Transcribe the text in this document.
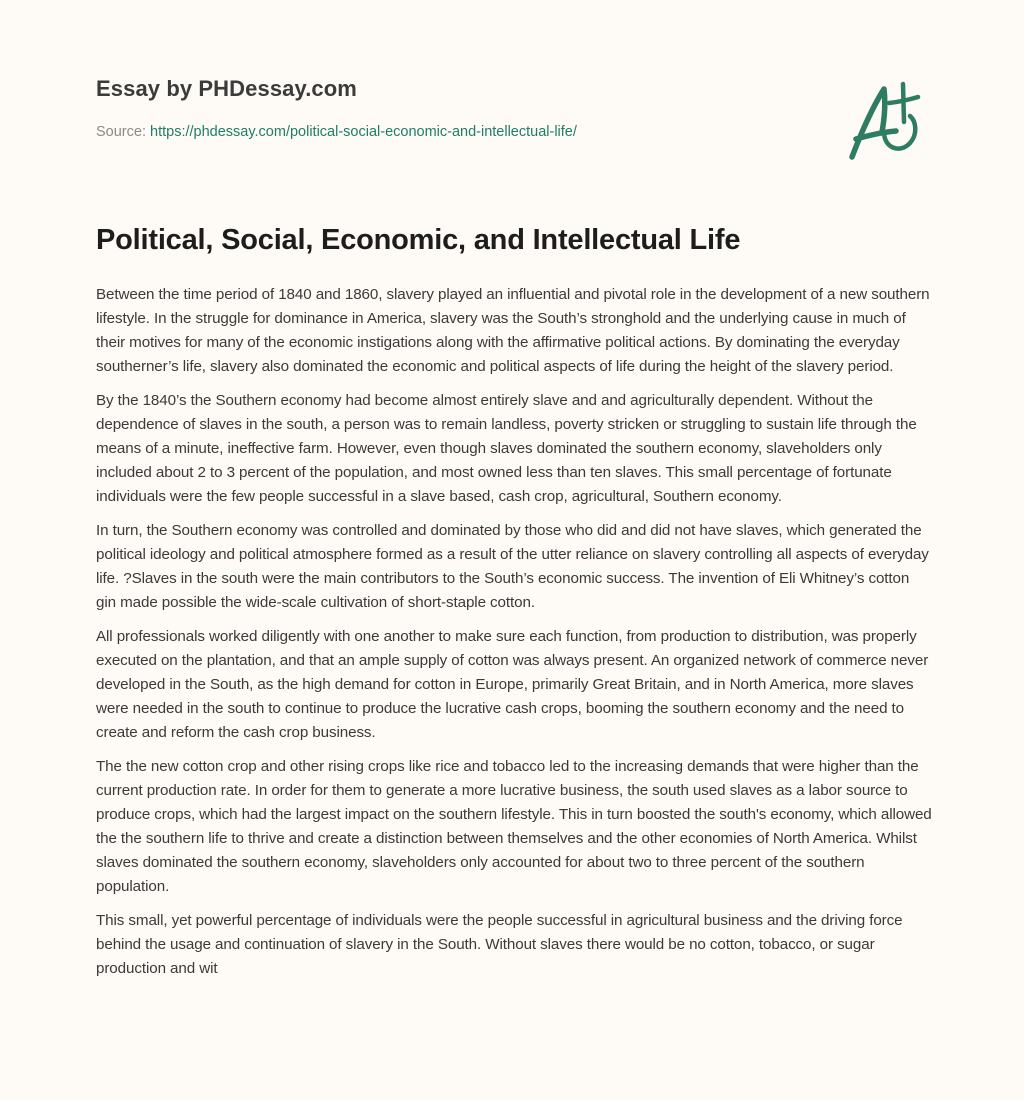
Essay by PHDessay.com
Source: https://phdessay.com/political-social-economic-and-intellectual-life/
Political, Social, Economic, and Intellectual Life

Between the time period of 1840 and 1860, slavery played an influential and pivotal role in the development of a new southern lifestyle. In the struggle for dominance in America, slavery was the South’s stronghold and the underlying cause in much of their motives for many of the economic instigations along with the affirmative political actions. By dominating the everyday southerner’s life, slavery also dominated the economic and political aspects of life during the height of the slavery period.

By the 1840’s the Southern economy had become almost entirely slave and and agriculturally dependent. Without the dependence of slaves in the south, a person was to remain landless, poverty stricken or struggling to sustain life through the means of a minute, ineffective farm. However, even though slaves dominated the southern economy, slaveholders only included about 2 to 3 percent of the population, and most owned less than ten slaves. This small percentage of fortunate individuals were the few people successful in a slave based, cash crop, agricultural, Southern economy.

In turn, the Southern economy was controlled and dominated by those who did and did not have slaves, which generated the political ideology and political atmosphere formed as a result of the utter reliance on slavery controlling all aspects of everyday life. ?Slaves in the south were the main contributors to the South’s economic success. The invention of Eli Whitney’s cotton gin made possible the wide-scale cultivation of short-staple cotton.

All professionals worked diligently with one another to make sure each function, from production to distribution, was properly executed on the plantation, and that an ample supply of cotton was always present. An organized network of commerce never developed in the South, as the high demand for cotton in Europe, primarily Great Britain, and in North America, more slaves were needed in the south to continue to produce the lucrative cash crops, booming the southern economy and the need to create and reform the cash crop business.

The the new cotton crop and other rising crops like rice and tobacco led to the increasing demands that were higher than the current production rate. In order for them to generate a more lucrative business, the south used slaves as a labor source to produce crops, which had the largest impact on the southern lifestyle. This in turn boosted the south's economy, which allowed the the southern life to thrive and create a distinction between themselves and the other economies of North America. Whilst slaves dominated the southern economy, slaveholders only accounted for about two to three percent of the southern population.

This small, yet powerful percentage of individuals were the people successful in agricultural business and the driving force behind the usage and continuation of slavery in the South. Without slaves there would be no cotton, tobacco, or sugar production and wit
